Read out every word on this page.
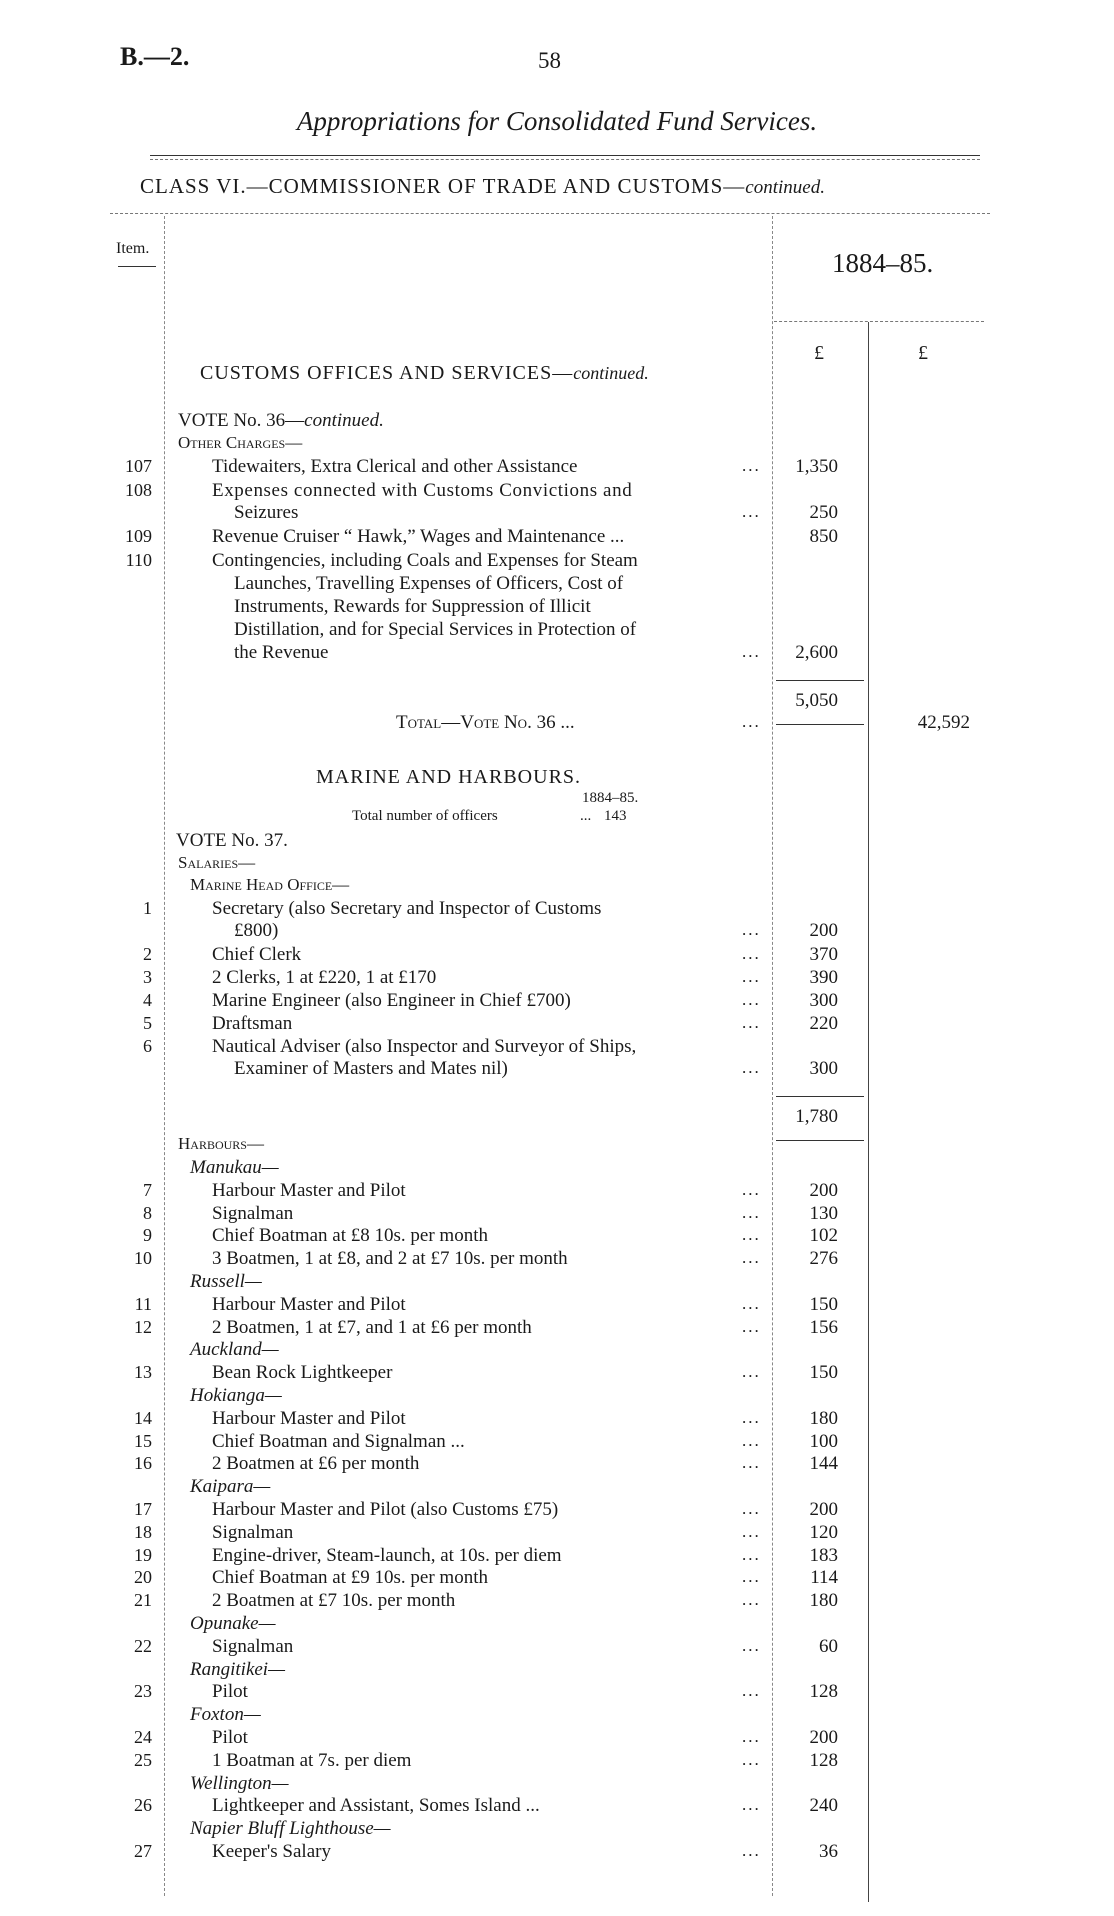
B.—2.	58
Appropriations for Consolidated Fund Services.
CLASS VI.—COMMISSIONER OF TRADE AND CUSTOMS—continued.
Item.	1884–85.
£	£
CUSTOMS OFFICES AND SERVICES—continued.
VOTE No. 36—continued.
Other Charges—
107	Tidewaiters, Extra Clerical and other Assistance	...	1,350
108	Expenses connected with Customs Convictions and
Seizures	...	250
109	Revenue Cruiser “ Hawk,” Wages and Maintenance ...	850
110	Contingencies, including Coals and Expenses for Steam
Launches, Travelling Expenses of Officers, Cost of
Instruments, Rewards for Suppression of Illicit
Distillation, and for Special Services in Protection of
the Revenue	...	2,600
5,050
Total—Vote No. 36 ...	...	42,592
MARINE AND HARBOURS.
1884–85.
Total number of officers	... 143
VOTE No. 37.
Salaries—
Marine Head Office—
1	Secretary (also Secretary and Inspector of Customs
£800)	...	200
2	Chief Clerk	...	370
3	2 Clerks, 1 at £220, 1 at £170	...	390
4	Marine Engineer (also Engineer in Chief £700)	...	300
5	Draftsman	...	220
6	Nautical Adviser (also Inspector and Surveyor of Ships,
Examiner of Masters and Mates nil)	...	300
1,780
Harbours—
Manukau—
7	Harbour Master and Pilot	...	200
8	Signalman	...	130
9	Chief Boatman at £8 10s. per month	...	102
10	3 Boatmen, 1 at £8, and 2 at £7 10s. per month	...	276
Russell—
11	Harbour Master and Pilot	...	150
12	2 Boatmen, 1 at £7, and 1 at £6 per month	...	156
Auckland—
13	Bean Rock Lightkeeper	...	150
Hokianga—
14	Harbour Master and Pilot	...	180
15	Chief Boatman and Signalman ...	...	100
16	2 Boatmen at £6 per month	...	144
Kaipara—
17	Harbour Master and Pilot (also Customs £75)	...	200
18	Signalman	...	120
19	Engine-driver, Steam-launch, at 10s. per diem	...	183
20	Chief Boatman at £9 10s. per month	...	114
21	2 Boatmen at £7 10s. per month	...	180
Opunake—
22	Signalman	...	60
Rangitikei—
23	Pilot	...	128
Foxton—
24	Pilot	...	200
25	1 Boatman at 7s. per diem	...	128
Wellington—
26	Lightkeeper and Assistant, Somes Island ...	...	240
Napier Bluff Lighthouse—
27	Keeper's Salary	...	36
